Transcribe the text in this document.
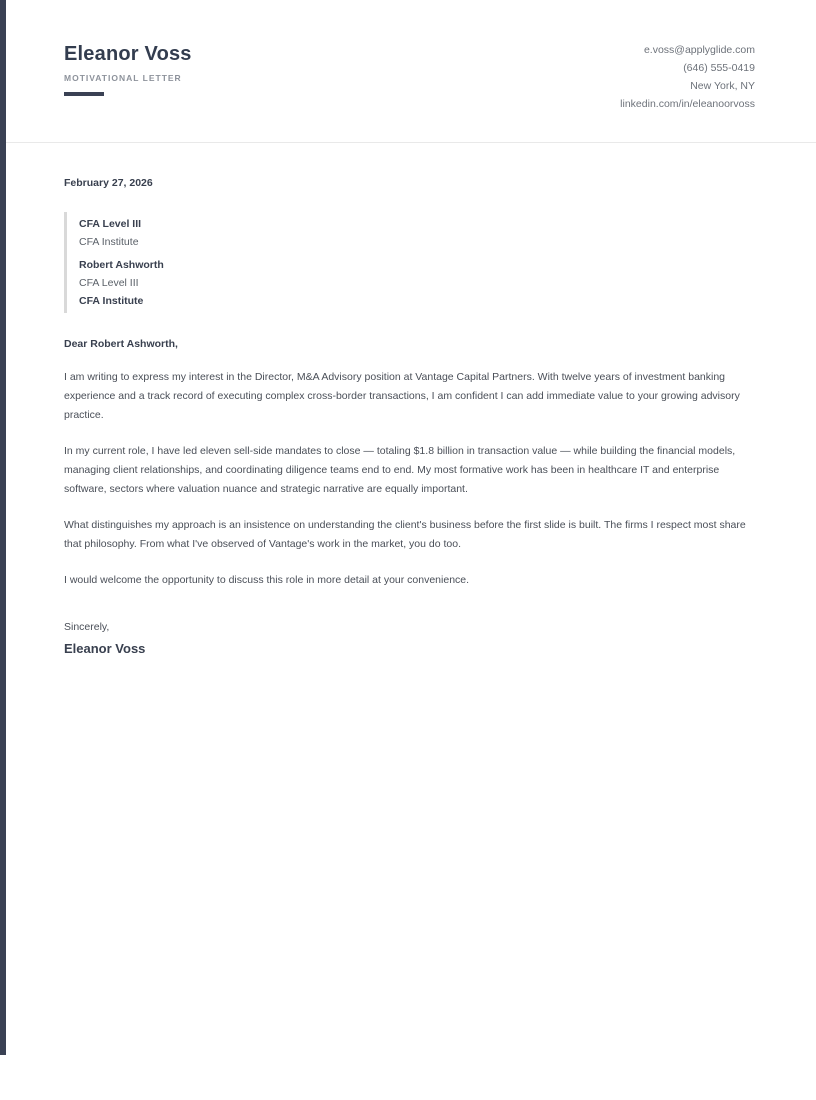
Eleanor Voss
MOTIVATIONAL LETTER
e.voss@applyglide.com
(646) 555-0419
New York, NY
linkedin.com/in/eleanoorvoss
February 27, 2026
CFA Level III
CFA Institute
Robert Ashworth
CFA Level III
CFA Institute
Dear Robert Ashworth,

I am writing to express my interest in the Director, M&A Advisory position at Vantage Capital Partners. With twelve years of investment banking experience and a track record of executing complex cross-border transactions, I am confident I can add immediate value to your growing advisory practice.

In my current role, I have led eleven sell-side mandates to close — totaling $1.8 billion in transaction value — while building the financial models, managing client relationships, and coordinating diligence teams end to end. My most formative work has been in healthcare IT and enterprise software, sectors where valuation nuance and strategic narrative are equally important.

What distinguishes my approach is an insistence on understanding the client's business before the first slide is built. The firms I respect most share that philosophy. From what I've observed of Vantage's work in the market, you do too.

I would welcome the opportunity to discuss this role in more detail at your convenience.

Sincerely,
Eleanor Voss
